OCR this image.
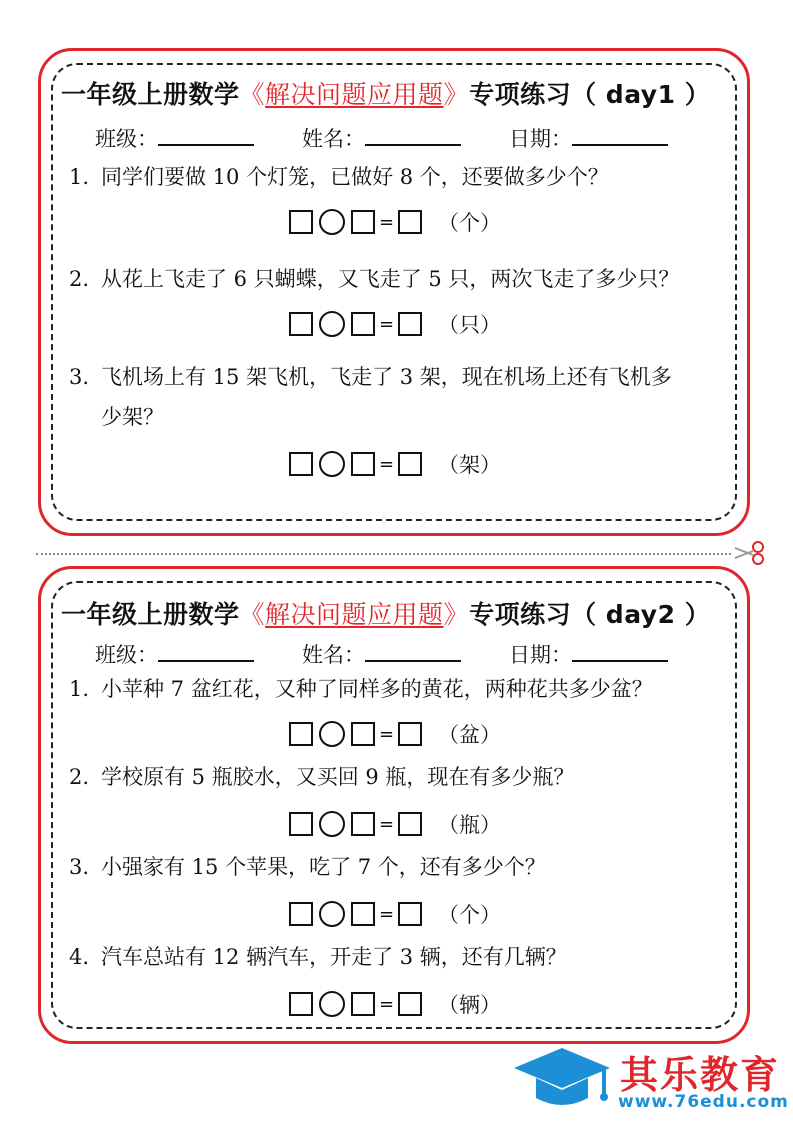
一年级上册数学《解决问题应用题》专项练习（ day1 ）
班级：	姓名：	日期：
1. 同学们要做 10 个灯笼，已做好 8 个，还要做多少个？
= （个）
2. 从花上飞走了 6 只蝴蝶，又飞走了 5 只，两次飞走了多少只？
= （只）
3. 飞机场上有 15 架飞机，飞走了 3 架，现在机场上还有飞机多
少架？
= （架）
一年级上册数学《解决问题应用题》专项练习（ day2 ）
班级：	姓名：	日期：
1. 小苹种 7 盆红花，又种了同样多的黄花，两种花共多少盆？
= （盆）
2. 学校原有 5 瓶胶水，又买回 9 瓶，现在有多少瓶？
= （瓶）
3. 小强家有 15 个苹果，吃了 7 个，还有多少个？
= （个）
4. 汽车总站有 12 辆汽车，开走了 3 辆，还有几辆？
= （辆）
其乐教育
www.76edu.com
